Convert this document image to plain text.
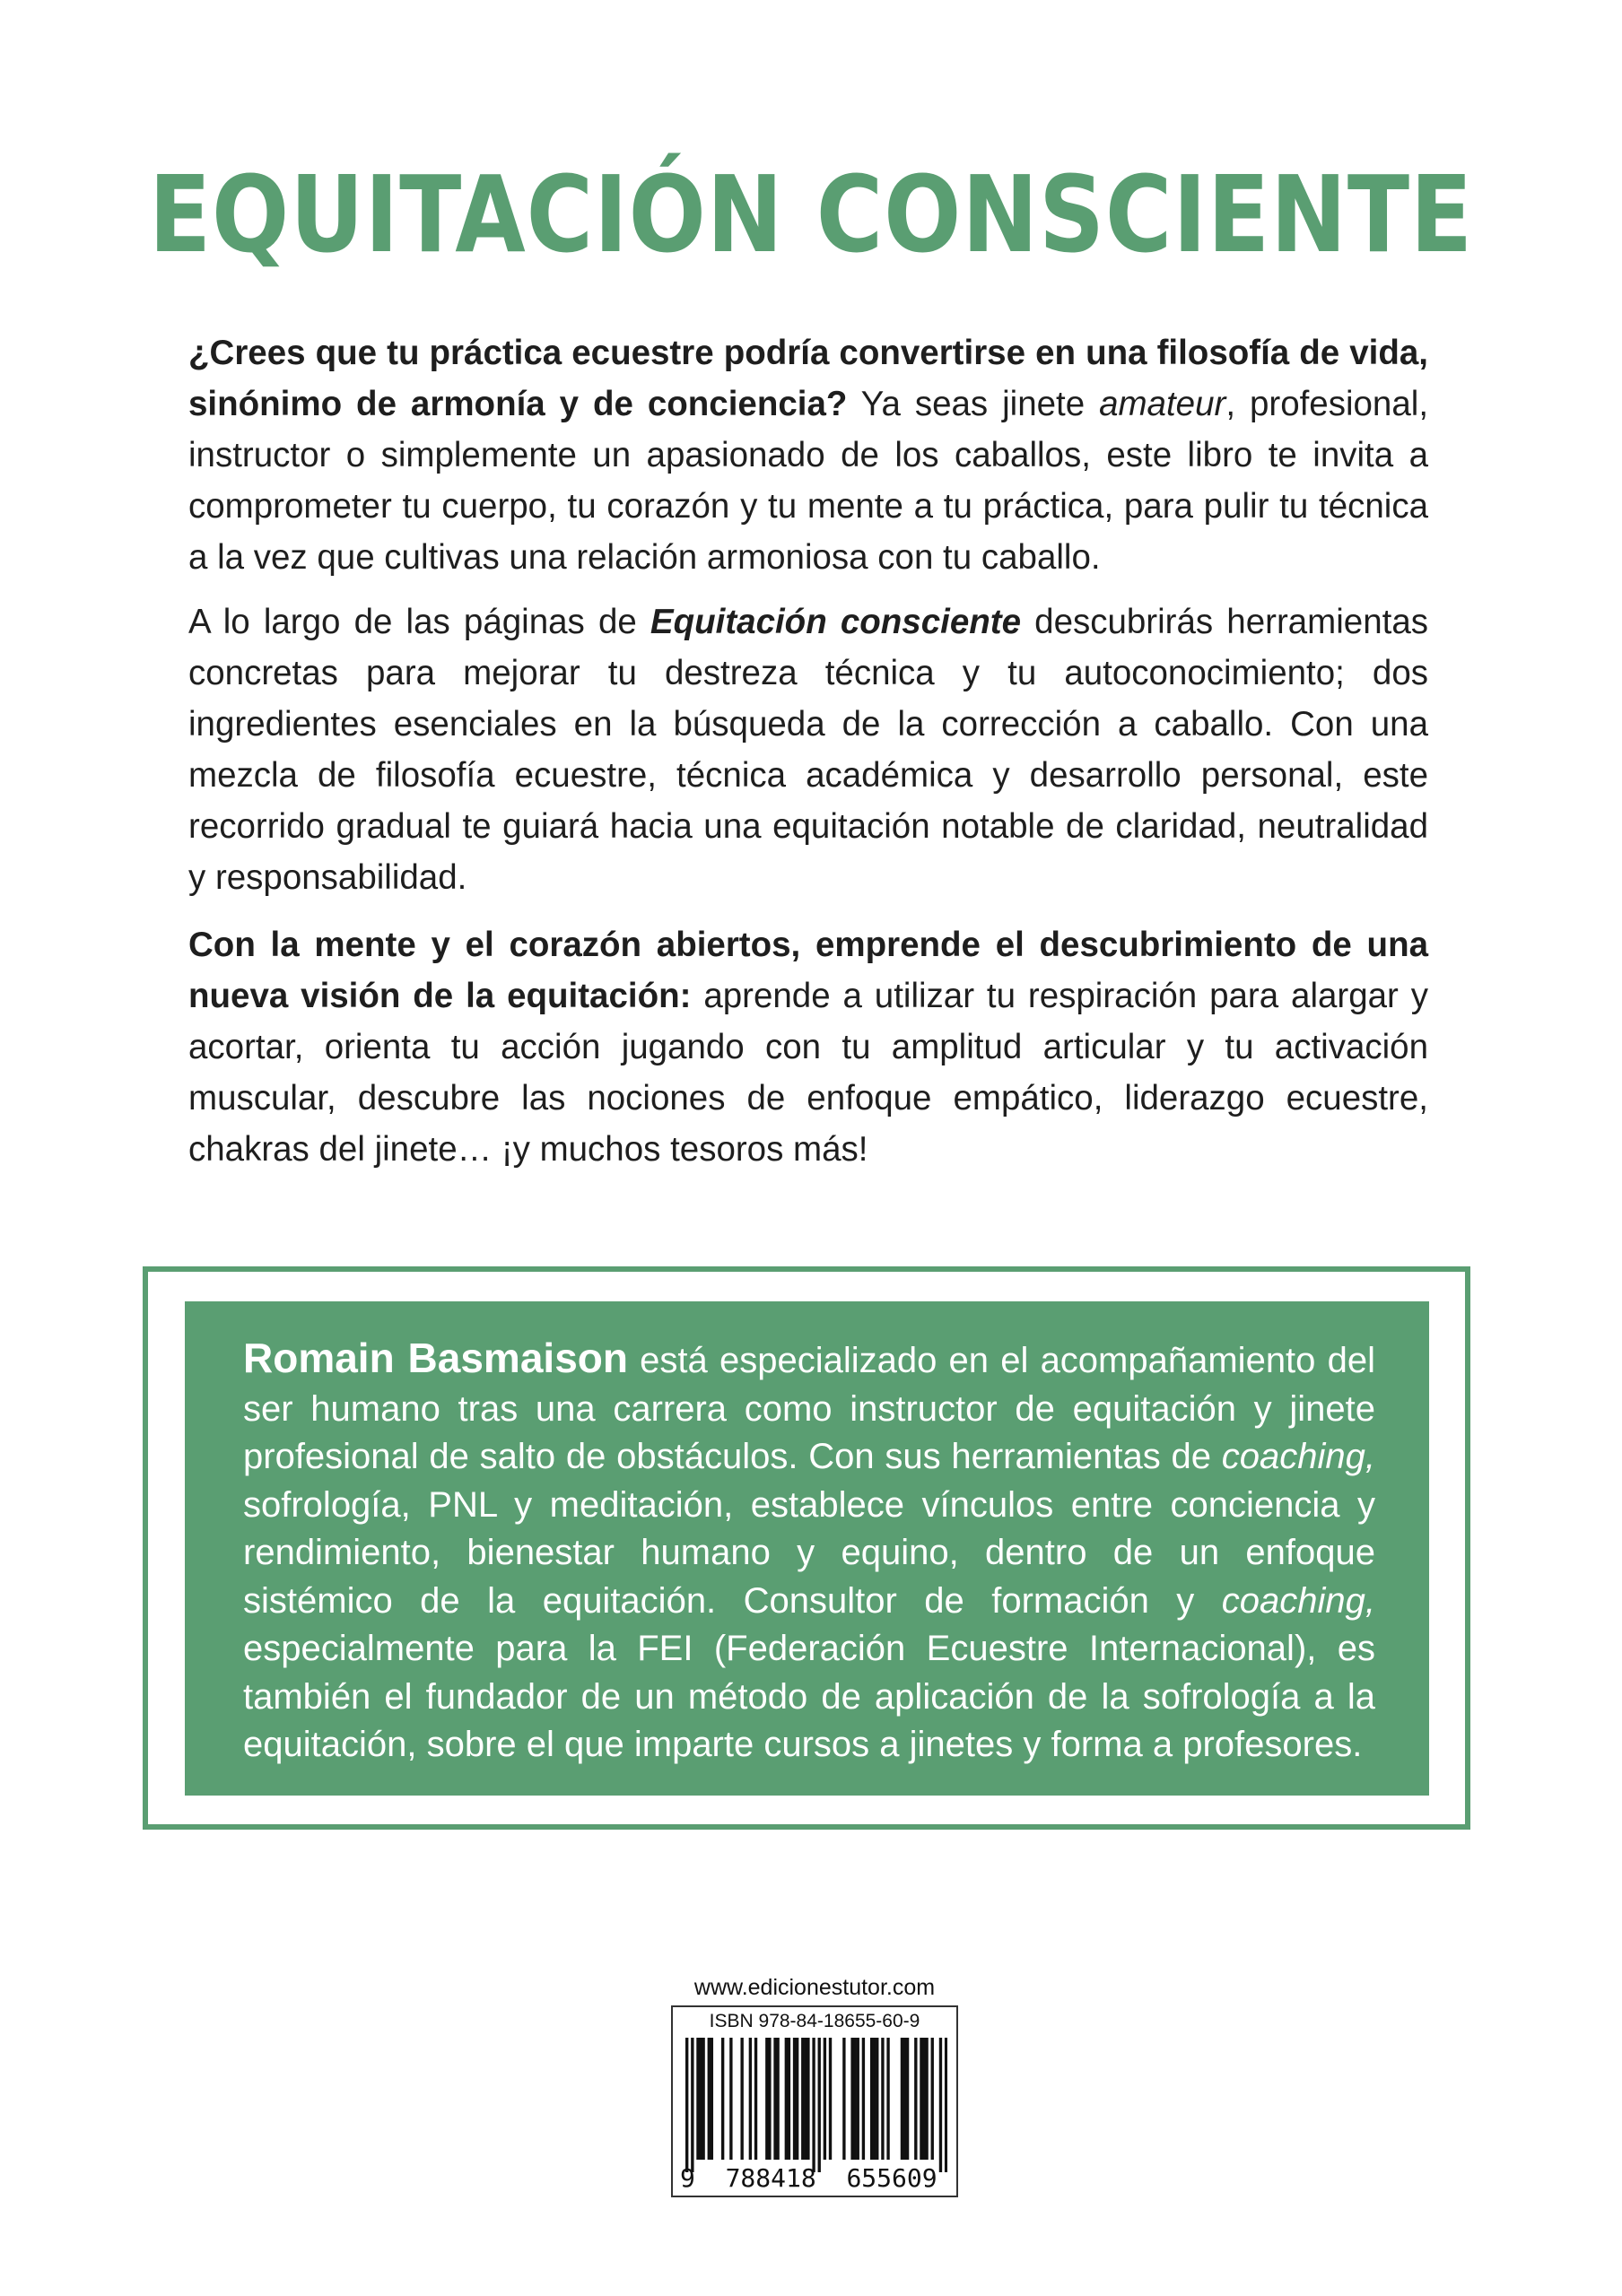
EQUITACIÓN CONSCIENTE

¿Crees que tu práctica ecuestre podría convertirse en una filosofía de vida, sinónimo de armonía y de conciencia? Ya seas jinete amateur, profesional, instructor o simplemente un apasionado de los caballos, este libro te invita a comprometer tu cuerpo, tu corazón y tu mente a tu práctica, para pulir tu técnica a la vez que cultivas una relación armoniosa con tu caballo.

A lo largo de las páginas de Equitación consciente descubrirás herramientas concretas para mejorar tu destreza técnica y tu autoconocimiento; dos ingredientes esenciales en la búsqueda de la corrección a caballo. Con una mezcla de filosofía ecuestre, técnica académica y desarrollo personal, este recorrido gradual te guiará hacia una equitación notable de claridad, neutralidad y responsabilidad.

Con la mente y el corazón abiertos, emprende el descubrimiento de una nueva visión de la equitación: aprende a utilizar tu respiración para alargar y acortar, orienta tu acción jugando con tu amplitud articular y tu activación muscular, descubre las nociones de enfoque empático, liderazgo ecuestre, chakras del jinete… ¡y muchos tesoros más!

Romain Basmaison está especializado en el acompañamiento del ser humano tras una carrera como instructor de equitación y jinete profesional de salto de obstáculos. Con sus herramientas de coaching, sofrología, PNL y meditación, establece vínculos entre conciencia y rendimiento, bienestar humano y equino, dentro de un enfoque sistémico de la equitación. Consultor de formación y coaching, especialmente para la FEI (Federación Ecuestre Internacional), es también el fundador de un método de aplicación de la sofrología a la equitación, sobre el que imparte cursos a jinetes y forma a profesores.

www.edicionestutor.com
ISBN 978-84-18655-60-9
9 788418 655609
